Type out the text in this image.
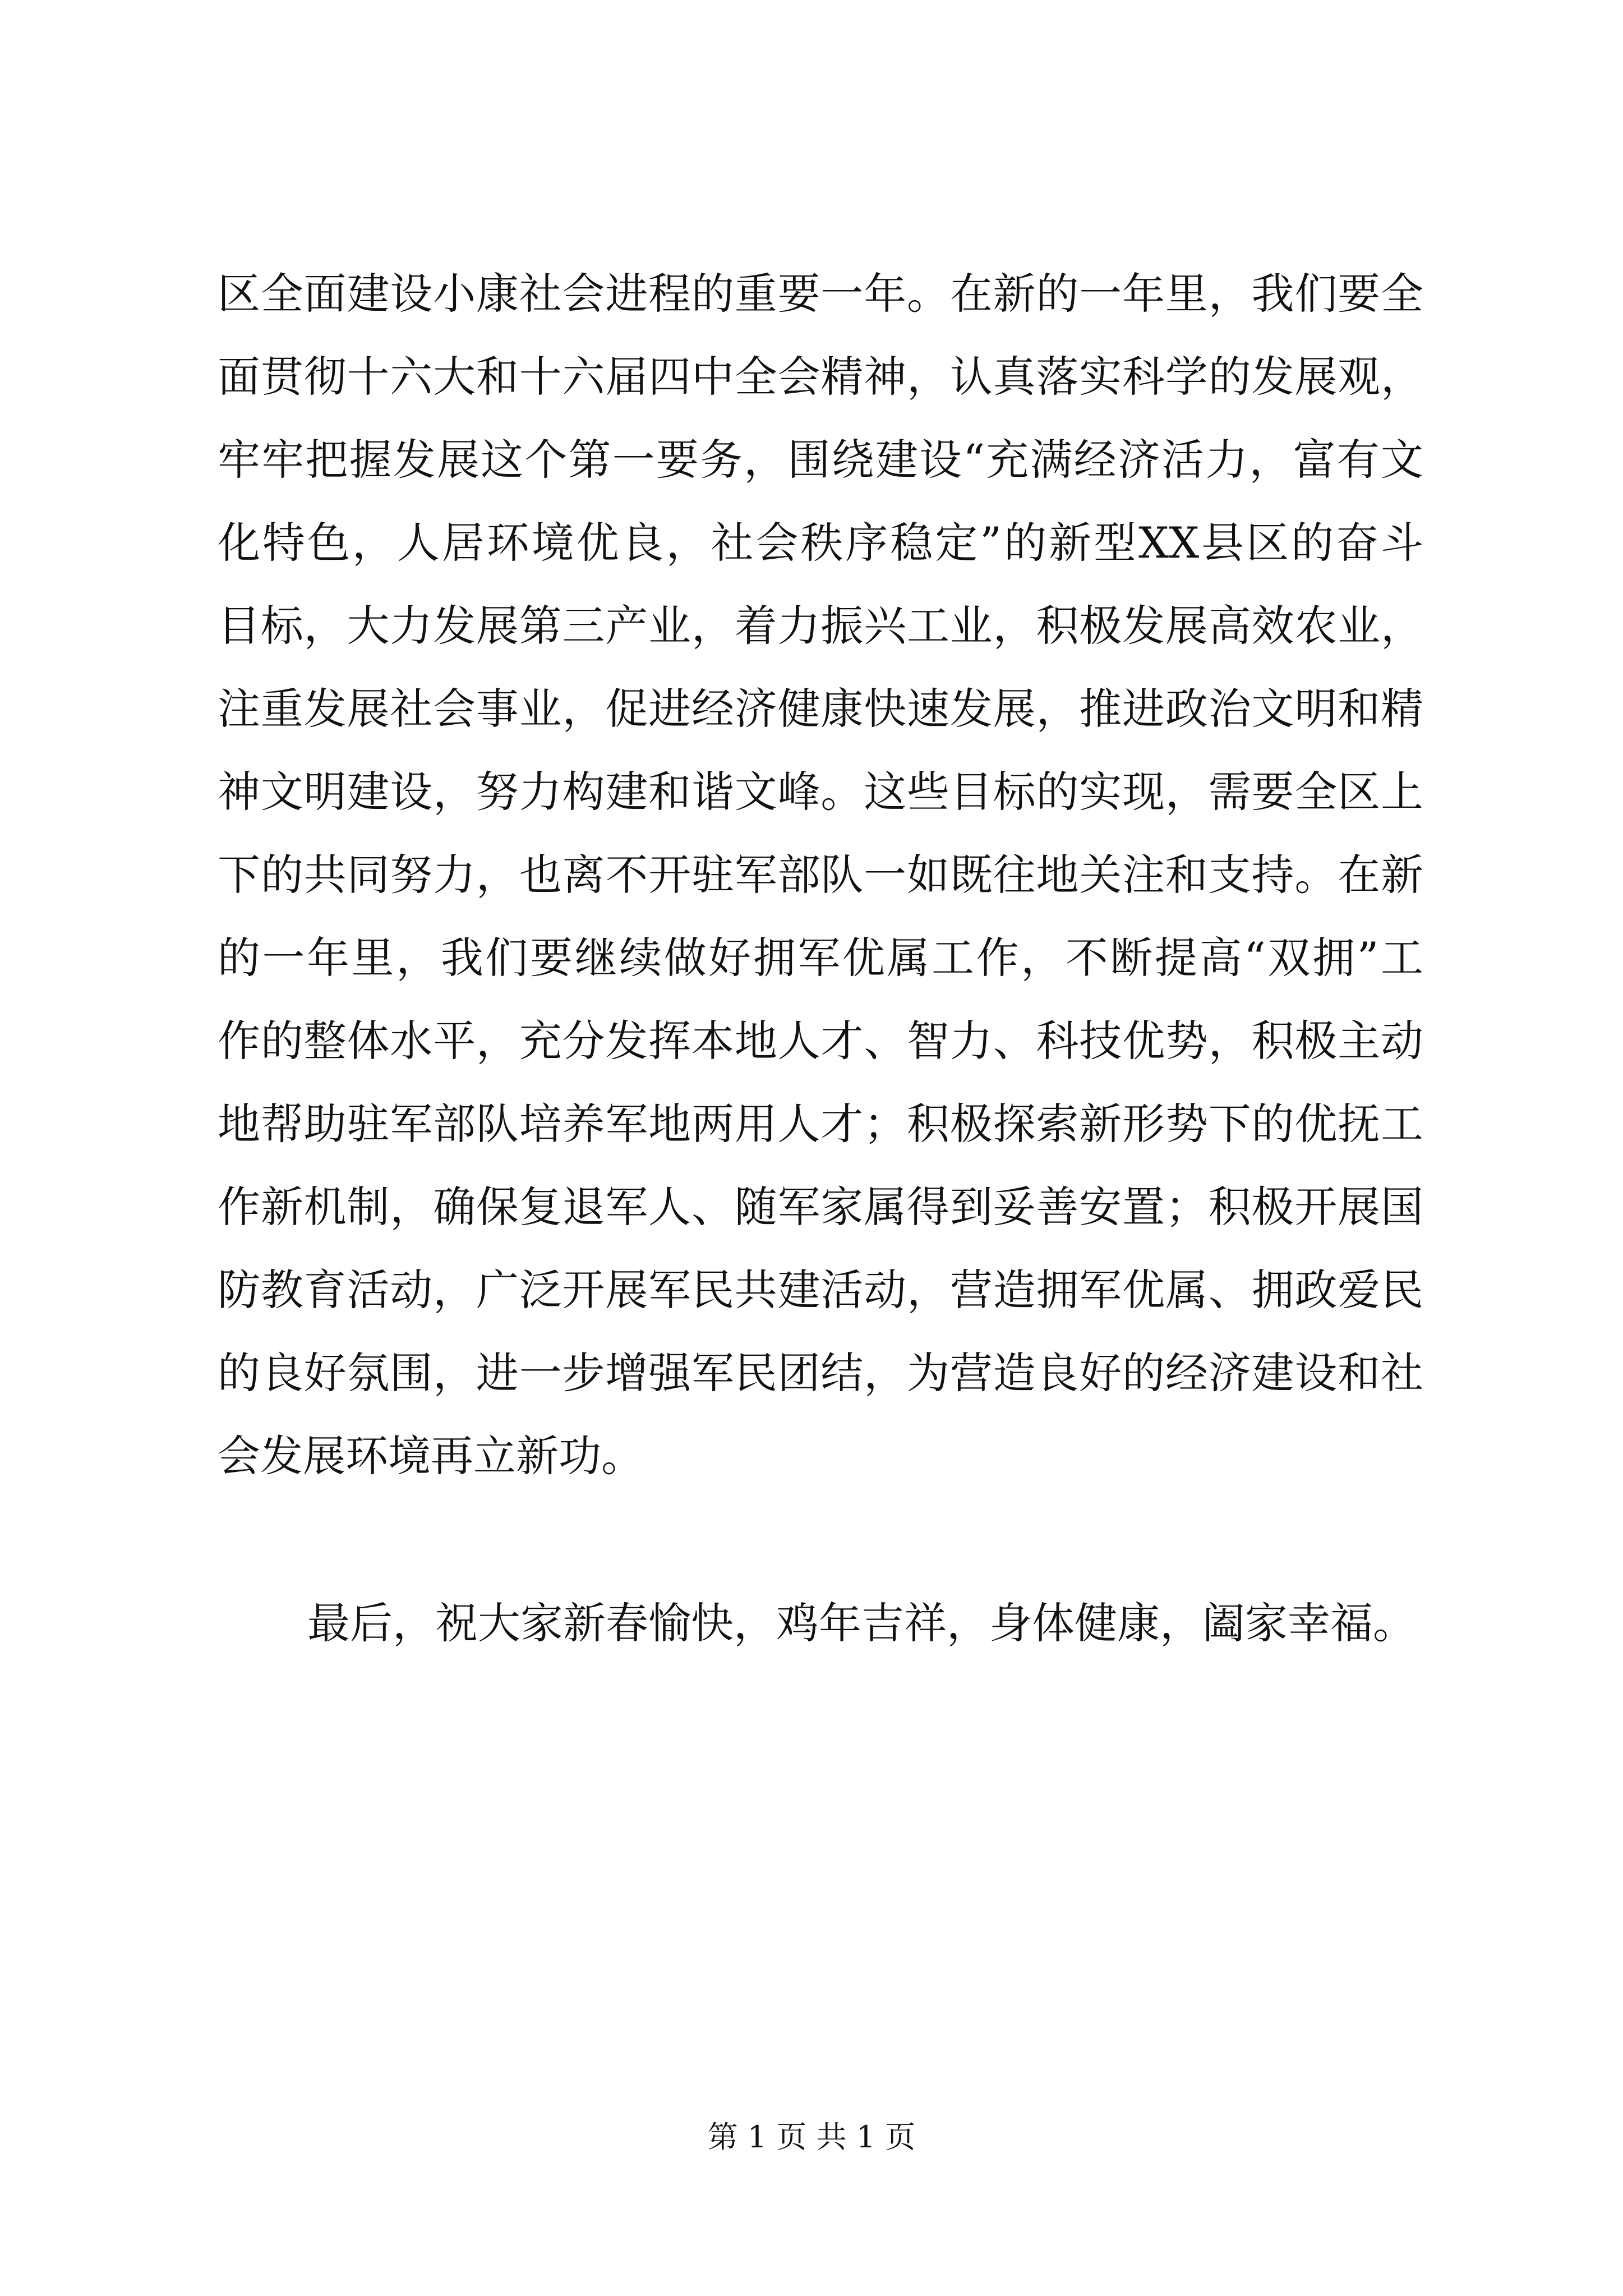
区全面建设小康社会进程的重要一年。在新的一年里，我们要全
面贯彻十六大和十六届四中全会精神，认真落实科学的发展观，
牢牢把握发展这个第一要务，围绕建设“充满经济活力，富有文
化特色，人居环境优良，社会秩序稳定”的新型XX县区的奋斗
目标，大力发展第三产业，着力振兴工业，积极发展高效农业，
注重发展社会事业，促进经济健康快速发展，推进政治文明和精
神文明建设，努力构建和谐文峰。这些目标的实现，需要全区上
下的共同努力，也离不开驻军部队一如既往地关注和支持。在新
的一年里，我们要继续做好拥军优属工作，不断提高“双拥”工
作的整体水平，充分发挥本地人才、智力、科技优势，积极主动
地帮助驻军部队培养军地两用人才；积极探索新形势下的优抚工
作新机制，确保复退军人、随军家属得到妥善安置；积极开展国
防教育活动，广泛开展军民共建活动，营造拥军优属、拥政爱民
的良好氛围，进一步增强军民团结，为营造良好的经济建设和社
会发展环境再立新功。
最后，祝大家新春愉快，鸡年吉祥，身体健康，阖家幸福。
第 1 页 共 1 页
